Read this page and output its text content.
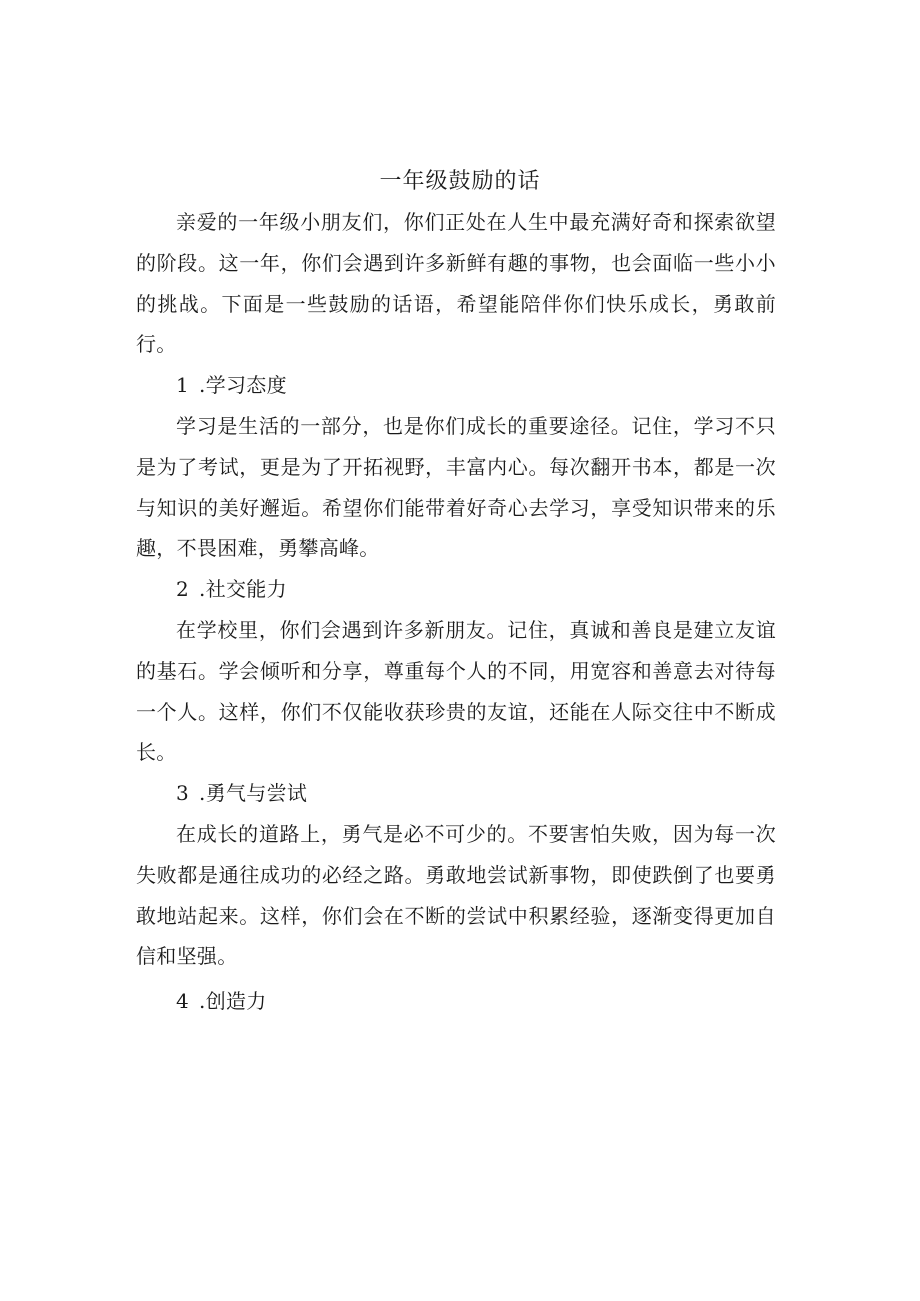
一年级鼓励的话

亲爱的一年级小朋友们，你们正处在人生中最充满好奇和探索欲望的阶段。这一年，你们会遇到许多新鲜有趣的事物，也会面临一些小小的挑战。下面是一些鼓励的话语，希望能陪伴你们快乐成长，勇敢前行。

1 .学习态度

学习是生活的一部分，也是你们成长的重要途径。记住，学习不只是为了考试，更是为了开拓视野，丰富内心。每次翻开书本，都是一次与知识的美好邂逅。希望你们能带着好奇心去学习，享受知识带来的乐趣，不畏困难，勇攀高峰。

2 .社交能力

在学校里，你们会遇到许多新朋友。记住，真诚和善良是建立友谊的基石。学会倾听和分享，尊重每个人的不同，用宽容和善意去对待每一个人。这样，你们不仅能收获珍贵的友谊，还能在人际交往中不断成长。

3 .勇气与尝试

在成长的道路上，勇气是必不可少的。不要害怕失败，因为每一次失败都是通往成功的必经之路。勇敢地尝试新事物，即使跌倒了也要勇敢地站起来。这样，你们会在不断的尝试中积累经验，逐渐变得更加自信和坚强。

4 .创造力
